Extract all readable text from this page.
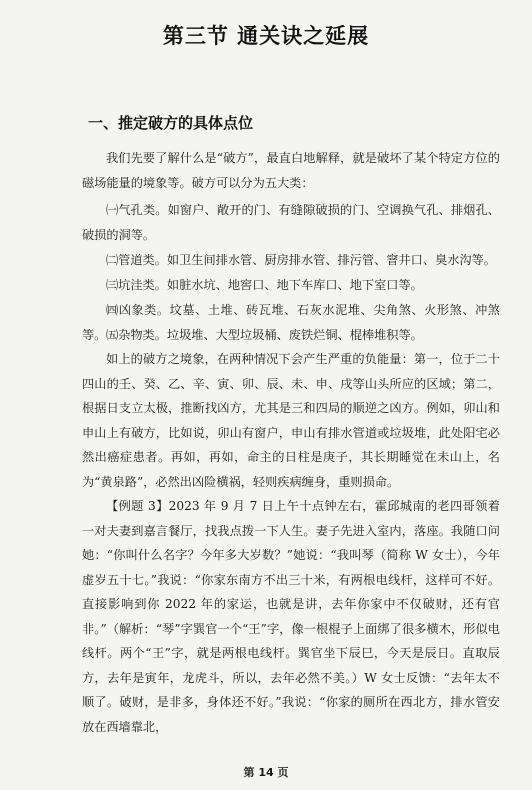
第三节 通关诀之延展
一、推定破方的具体点位

我们先要了解什么是“破方”，最直白地解释，就是破坏了某个特定方位的磁场能量的境象等。破方可以分为五大类：

㈠气孔类。如窗户、敞开的门、有缝隙破损的门、空调换气孔、排烟孔、破损的洞等。

㈡管道类。如卫生间排水管、厨房排水管、排污管、窨井口、臭水沟等。

㈢坑洼类。如脏水坑、地窖口、地下车库口、地下室口等。

㈣凶象类。坟墓、土堆、砖瓦堆、石灰水泥堆、尖角煞、火形煞、冲煞等。 ㈤杂物类。垃圾堆、大型垃圾桶、废铁烂铜、棍棒堆积等。

如上的破方之境象，在两种情况下会产生严重的负能量：第一，位于二十四山的壬、癸、乙、辛、寅、卯、辰、未、申、戌等山头所应的区域；第二，根据日支立太极，推断找凶方，尤其是三和四局的顺逆之凶方。例如，卯山和申山上有破方，比如说，卯山有窗户，申山有排水管道或垃圾堆，此处阳宅必然出癌症患者。再如，再如，命主的日柱是庚子，其长期睡觉在未山上，名为“黄泉路”，必然出凶险横祸，轻则疾病缠身，重则损命。

【例题 3】2023 年 9 月 7 日上午十点钟左右，霍邱城南的老四哥领着一对夫妻到嘉言餐厅，找我点拨一下人生。妻子先进入室内，落座。我随口问她：“你叫什么名字？今年多大岁数？”她说：“我叫琴（简称 W 女士），今年虚岁五十七。”我说：“你家东南方不出三十米，有两根电线杆，这样可不好。直接影响到你 2022 年的家运，也就是讲，去年你家中不仅破财，还有官非。”（解析：“琴”字巽官一个“王”字，像一根棍子上面绑了很多横木，形似电线杆。两个“王”字，就是两根电线杆。巽官坐下辰巳，今天是辰日。直取辰方，去年是寅年，龙虎斗，所以，去年必然不美。）W 女士反馈：“去年太不顺了。破财，是非多，身体还不好。”我说：“你家的厕所在西北方，排水管安放在西墙靠北，

第 14 页
